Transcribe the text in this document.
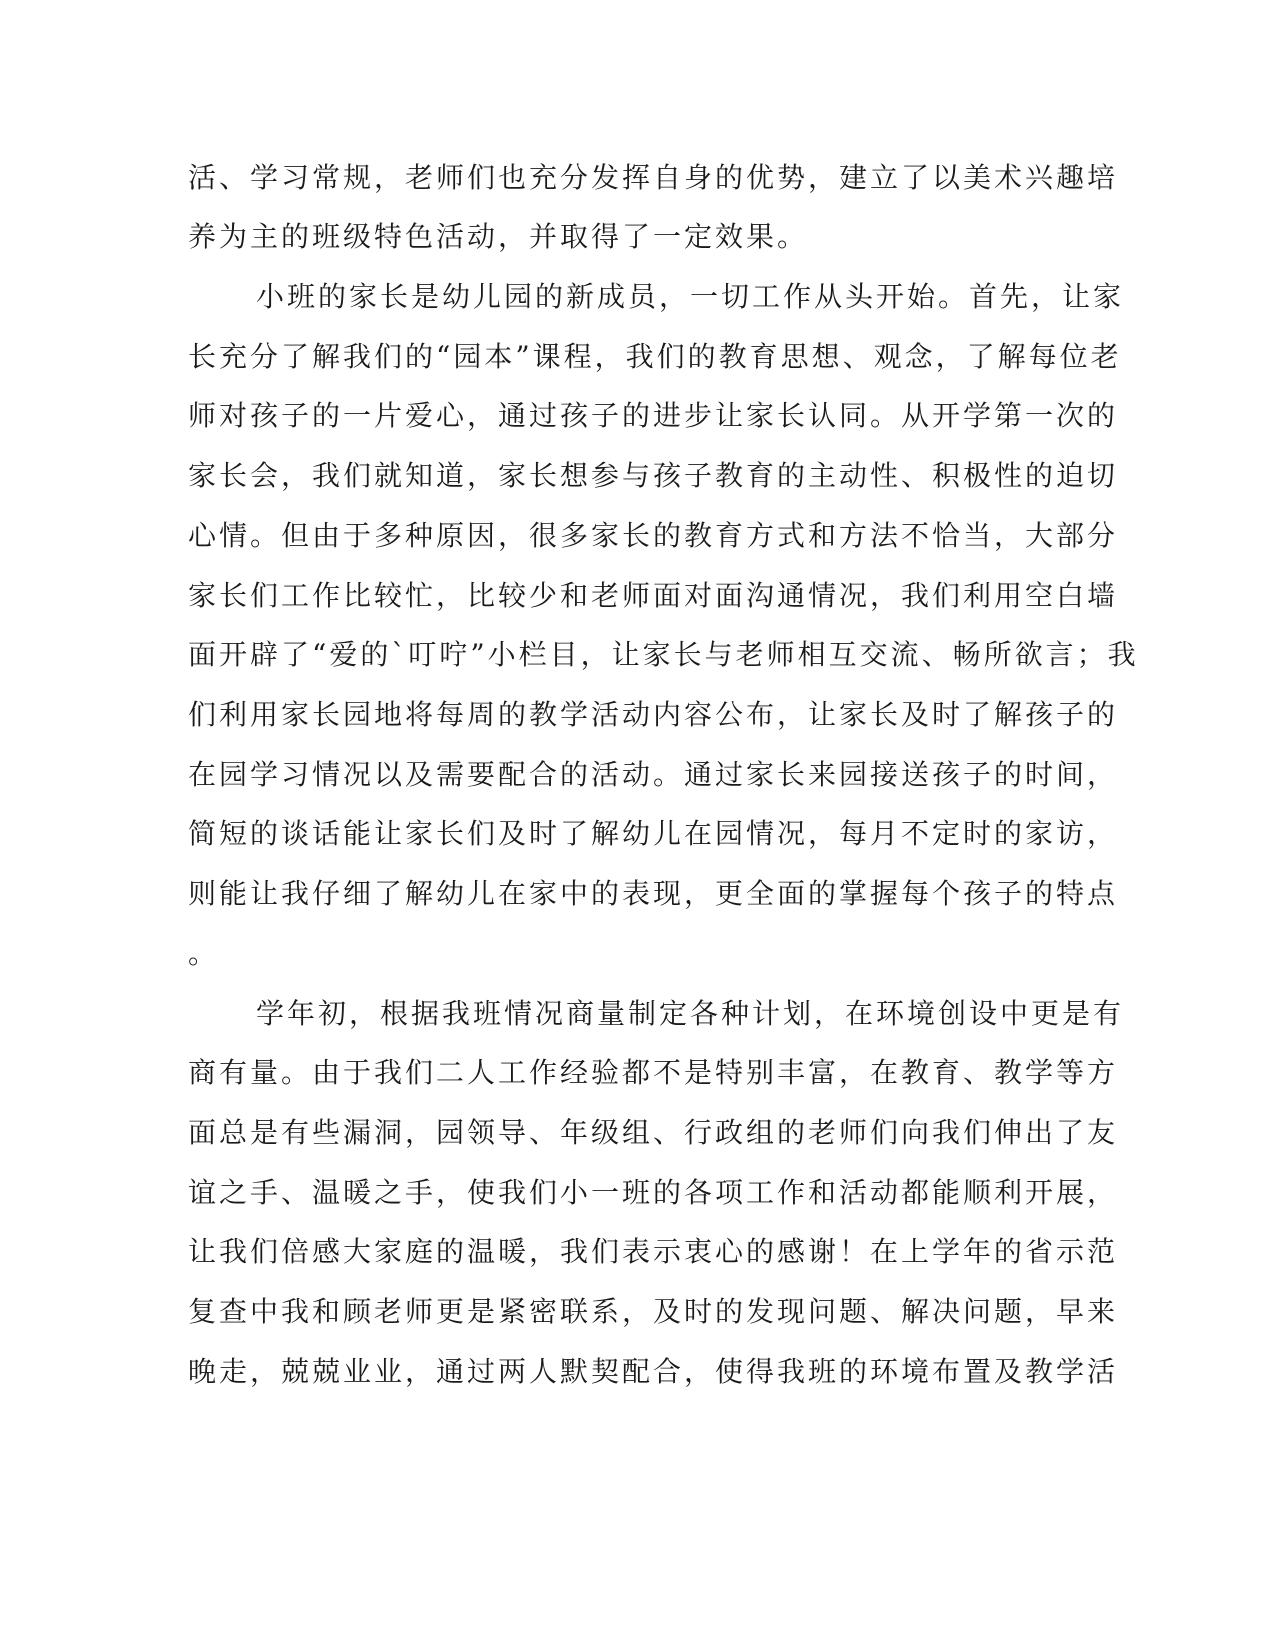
活、学习常规，老师们也充分发挥自身的优势，建立了以美术兴趣培
养为主的班级特色活动，并取得了一定效果。
小班的家长是幼儿园的新成员，一切工作从头开始。首先，让家
长充分了解我们的“园本”课程，我们的教育思想、观念，了解每位老
师对孩子的一片爱心，通过孩子的进步让家长认同。从开学第一次的
家长会，我们就知道，家长想参与孩子教育的主动性、积极性的迫切
心情。但由于多种原因，很多家长的教育方式和方法不恰当，大部分
家长们工作比较忙，比较少和老师面对面沟通情况，我们利用空白墙
面开辟了“爱的`叮咛”小栏目，让家长与老师相互交流、畅所欲言；我
们利用家长园地将每周的教学活动内容公布，让家长及时了解孩子的
在园学习情况以及需要配合的活动。通过家长来园接送孩子的时间，
简短的谈话能让家长们及时了解幼儿在园情况，每月不定时的家访，
则能让我仔细了解幼儿在家中的表现，更全面的掌握每个孩子的特点
。
学年初，根据我班情况商量制定各种计划，在环境创设中更是有
商有量。由于我们二人工作经验都不是特别丰富，在教育、教学等方
面总是有些漏洞，园领导、年级组、行政组的老师们向我们伸出了友
谊之手、温暖之手，使我们小一班的各项工作和活动都能顺利开展，
让我们倍感大家庭的温暖，我们表示衷心的感谢！在上学年的省示范
复查中我和顾老师更是紧密联系，及时的发现问题、解决问题，早来
晚走，兢兢业业，通过两人默契配合，使得我班的环境布置及教学活
